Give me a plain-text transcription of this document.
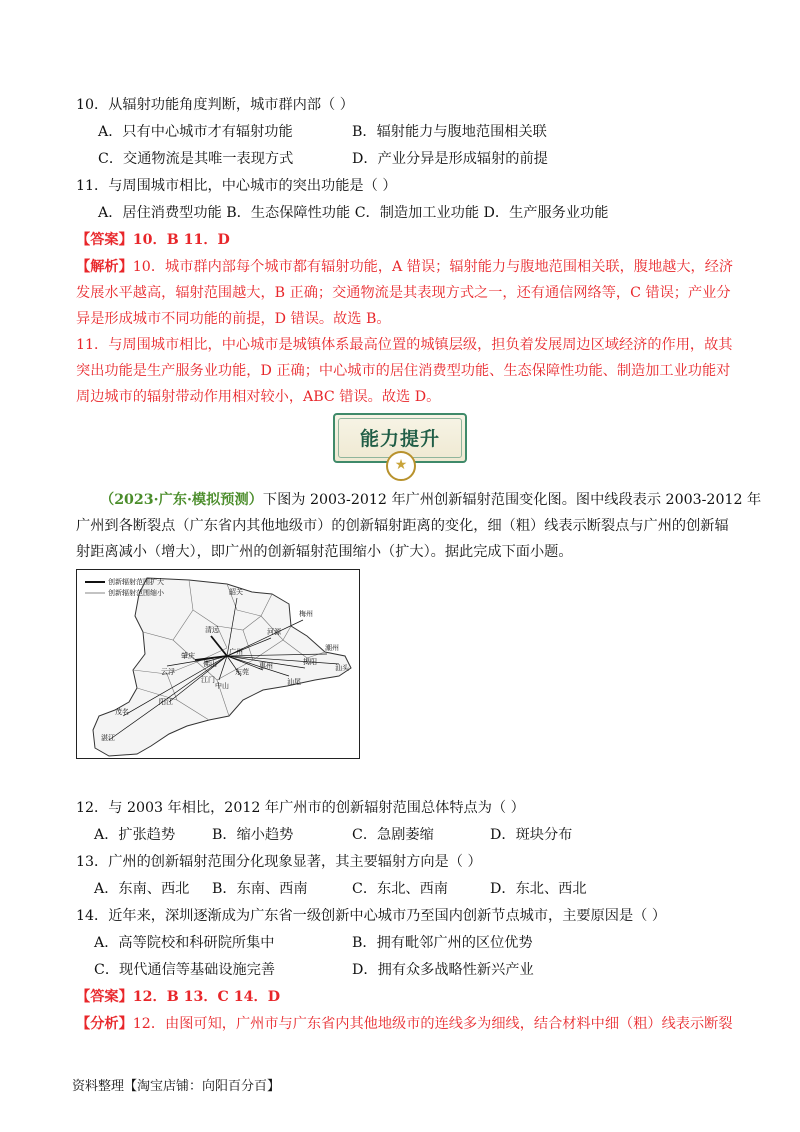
10．从辐射功能角度判断，城市群内部（ ）
A．只有中心城市才有辐射功能	B．辐射能力与腹地范围相关联
C．交通物流是其唯一表现方式	D．产业分异是形成辐射的前提
11．与周围城市相比，中心城市的突出功能是（ ）
A．居住消费型功能 B．生态保障性功能 C．制造加工业功能 D．生产服务业功能
【答案】10．B 11．D
【解析】10．城市群内部每个城市都有辐射功能，A 错误；辐射能力与腹地范围相关联，腹地越大，经济
发展水平越高，辐射范围越大，B 正确；交通物流是其表现方式之一，还有通信网络等，C 错误；产业分
异是形成城市不同功能的前提，D 错误。故选 B。
11．与周围城市相比，中心城市是城镇体系最高位置的城镇层级，担负着发展周边区域经济的作用，故其
突出功能是生产服务业功能，D 正确；中心城市的居住消费型功能、生态保障性功能、制造加工业功能对
周边城市的辐射带动作用相对较小，ABC 错误。故选 D。
能力提升
★
（2023·广东·模拟预测）下图为 2003-2012 年广州创新辐射范围变化图。图中线段表示 2003-2012 年
广州到各断裂点（广东省内其他地级市）的创新辐射距离的变化，细（粗）线表示断裂点与广州的创新辐
射距离减小（增大），即广州的创新辐射范围缩小（扩大）。据此完成下面小题。
创新辐射范围扩大
创新辐射范围缩小	韶关
梅州
清远	河源
潮州
汕头
揭阳
肇庆
佛山
广州
惠州
汕尾
东莞
云浮
中山
江门
茂名
阳江
湛江
12．与 2003 年相比，2012 年广州市的创新辐射范围总体特点为（ ）
A．扩张趋势	B．缩小趋势	C．急剧萎缩	D．斑块分布
13．广州的创新辐射范围分化现象显著，其主要辐射方向是（ ）
A．东南、西北 B．东南、西南	C．东北、西南	D．东北、西北
14．近年来，深圳逐渐成为广东省一级创新中心城市乃至国内创新节点城市，主要原因是（ ）
A．高等院校和科研院所集中	B．拥有毗邻广州的区位优势
C．现代通信等基础设施完善	D．拥有众多战略性新兴产业
【答案】12．B 13．C 14．D
【分析】12．由图可知，广州市与广东省内其他地级市的连线多为细线，结合材料中细（粗）线表示断裂
资料整理【淘宝店铺：向阳百分百】
